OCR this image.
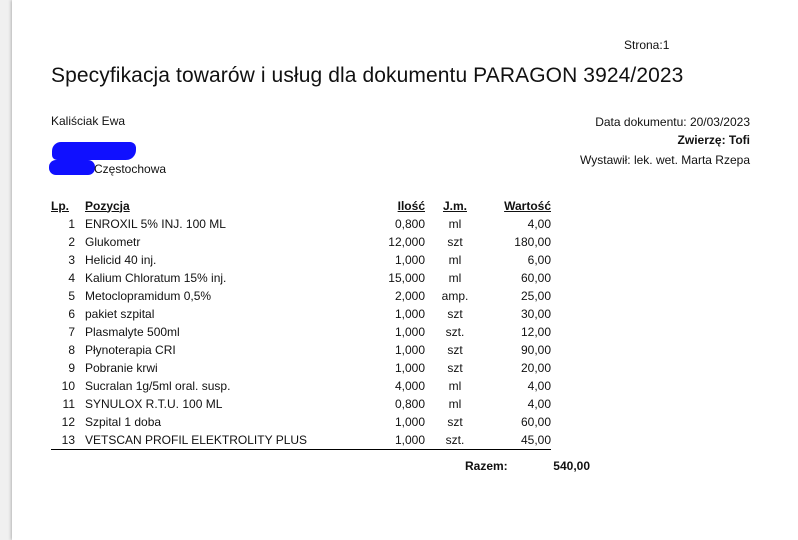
Strona:1
Specyfikacja towarów i usług dla dokumentu PARAGON 3924/2023
Kaliściak Ewa
Częstochowa
Data dokumentu: 20/03/2023
Zwierzę: Tofi
Wystawił: lek. wet. Marta Rzepa
Lp.	Pozycja	Ilość	J.m.	Wartość
1	ENROXIL 5% INJ. 100 ML	0,800	ml	4,00
2	Glukometr	12,000	szt	180,00
3	Helicid 40 inj.	1,000	ml	6,00
4	Kalium Chloratum 15% inj.	15,000	ml	60,00
5	Metoclopramidum 0,5%	2,000	amp.	25,00
6	pakiet szpital	1,000	szt	30,00
7	Plasmalyte 500ml	1,000	szt.	12,00
8	Płynoterapia CRI	1,000	szt	90,00
9	Pobranie krwi	1,000	szt	20,00
10	Sucralan 1g/5ml oral. susp.	4,000	ml	4,00
11	SYNULOX R.T.U. 100 ML	0,800	ml	4,00
12	Szpital 1 doba	1,000	szt	60,00
13	VETSCAN PROFIL ELEKTROLITY PLUS	1,000	szt.	45,00
Razem:	540,00
